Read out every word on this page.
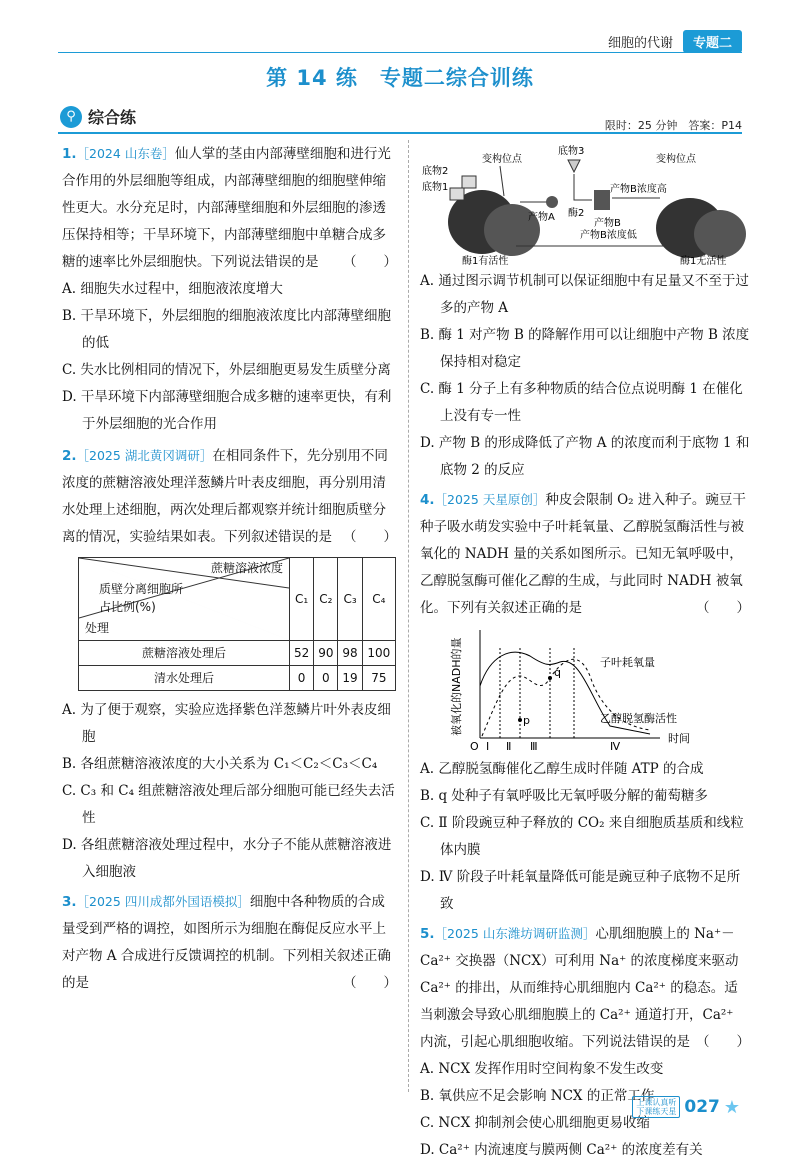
细胞的代谢	专题二
第 14 练　专题二综合训练
⚲ 综合练	限时：25 分钟　 答案：P14
1.［2024 山东卷］仙人掌的茎由内部薄壁细胞和进行光合作用的外层细胞等组成，内部薄壁细胞的细胞壁伸缩性更大。水分充足时，内部薄壁细胞和外层细胞的渗透压保持相等；干旱环境下，内部薄壁细胞中单糖合成多糖的速率比外层细胞快。下列说法错误的是 （　　）
A. 细胞失水过程中，细胞液浓度增大
B. 干旱环境下，外层细胞的细胞液浓度比内部薄壁细胞的低
C. 失水比例相同的情况下，外层细胞更易发生质壁分离
D. 干旱环境下内部薄壁细胞合成多糖的速率更快，有利于外层细胞的光合作用
2.［2025 湖北黄冈调研］在相同条件下，先分别用不同浓度的蔗糖溶液处理洋葱鳞片叶表皮细胞，再分别用清水处理上述细胞，两次处理后都观察并统计细胞质壁分离的情况，实验结果如表。下列叙述错误的是 （　　）
蔗糖溶液浓度
质壁分离细胞所占比例(%)
处理	C₁	C₂	C₃	C₄
蔗糖溶液处理后	52	90	98	100
清水处理后	0	0	19	75
A. 为了便于观察，实验应选择紫色洋葱鳞片叶外表皮细胞
B. 各组蔗糖溶液浓度的大小关系为 C₁＜C₂＜C₃＜C₄
C. C₃ 和 C₄ 组蔗糖溶液处理后部分细胞可能已经失去活性
D. 各组蔗糖溶液处理过程中，水分子不能从蔗糖溶液进入细胞液
3.［2025 四川成都外国语模拟］细胞中各种物质的合成量受到严格的调控，如图所示为细胞在酶促反应水平上对产物 A 合成进行反馈调控的机制。下列相关叙述正确的是	（　　）
底物2
底物1
变构位点
底物3
产物A 酶2
产物B
产物B浓度高
产物B浓度低
变构位点
酶1有活性	酶1无活性
A. 通过图示调节机制可以保证细胞中有足量又不至于过多的产物 A
B. 酶 1 对产物 B 的降解作用可以让细胞中产物 B 浓度保持相对稳定
C. 酶 1 分子上有多种物质的结合位点说明酶 1 在催化上没有专一性
D. 产物 B 的形成降低了产物 A 的浓度而利于底物 1 和底物 2 的反应
4.［2025 天星原创］种皮会限制 O₂ 进入种子。豌豆干种子吸水萌发实验中子叶耗氧量、乙醇脱氢酶活性与被氧化的 NADH 量的关系如图所示。已知无氧呼吸中，乙醇脱氢酶可催化乙醇的生成，与此同时 NADH 被氧化。下列有关叙述正确的是	（　　）
被氧化的NADH的量	q
p
O Ⅰ Ⅱ Ⅲ	Ⅳ
时间
子叶耗氧量
乙醇脱氢酶活性
A. 乙醇脱氢酶催化乙醇生成时伴随 ATP 的合成
B. q 处种子有氧呼吸比无氧呼吸分解的葡萄糖多
C. Ⅱ 阶段豌豆种子释放的 CO₂ 来自细胞质基质和线粒体内膜
D. Ⅳ 阶段子叶耗氧量降低可能是豌豆种子底物不足所致
5.［2025 山东潍坊调研监测］心肌细胞膜上的 Na⁺－Ca²⁺ 交换器（NCX）可利用 Na⁺ 的浓度梯度来驱动 Ca²⁺ 的排出，从而维持心肌细胞内 Ca²⁺ 的稳态。适当刺激会导致心肌细胞膜上的 Ca²⁺ 通道打开，Ca²⁺ 内流，引起心肌细胞收缩。下列说法错误的是 （　　）
A. NCX 发挥作用时空间构象不发生改变
B. 氧供应不足会影响 NCX 的正常工作
C. NCX 抑制剂会使心肌细胞更易收缩
D. Ca²⁺ 内流速度与膜两侧 Ca²⁺ 的浓度差有关
上课认真听
下课练天星 027 ★
